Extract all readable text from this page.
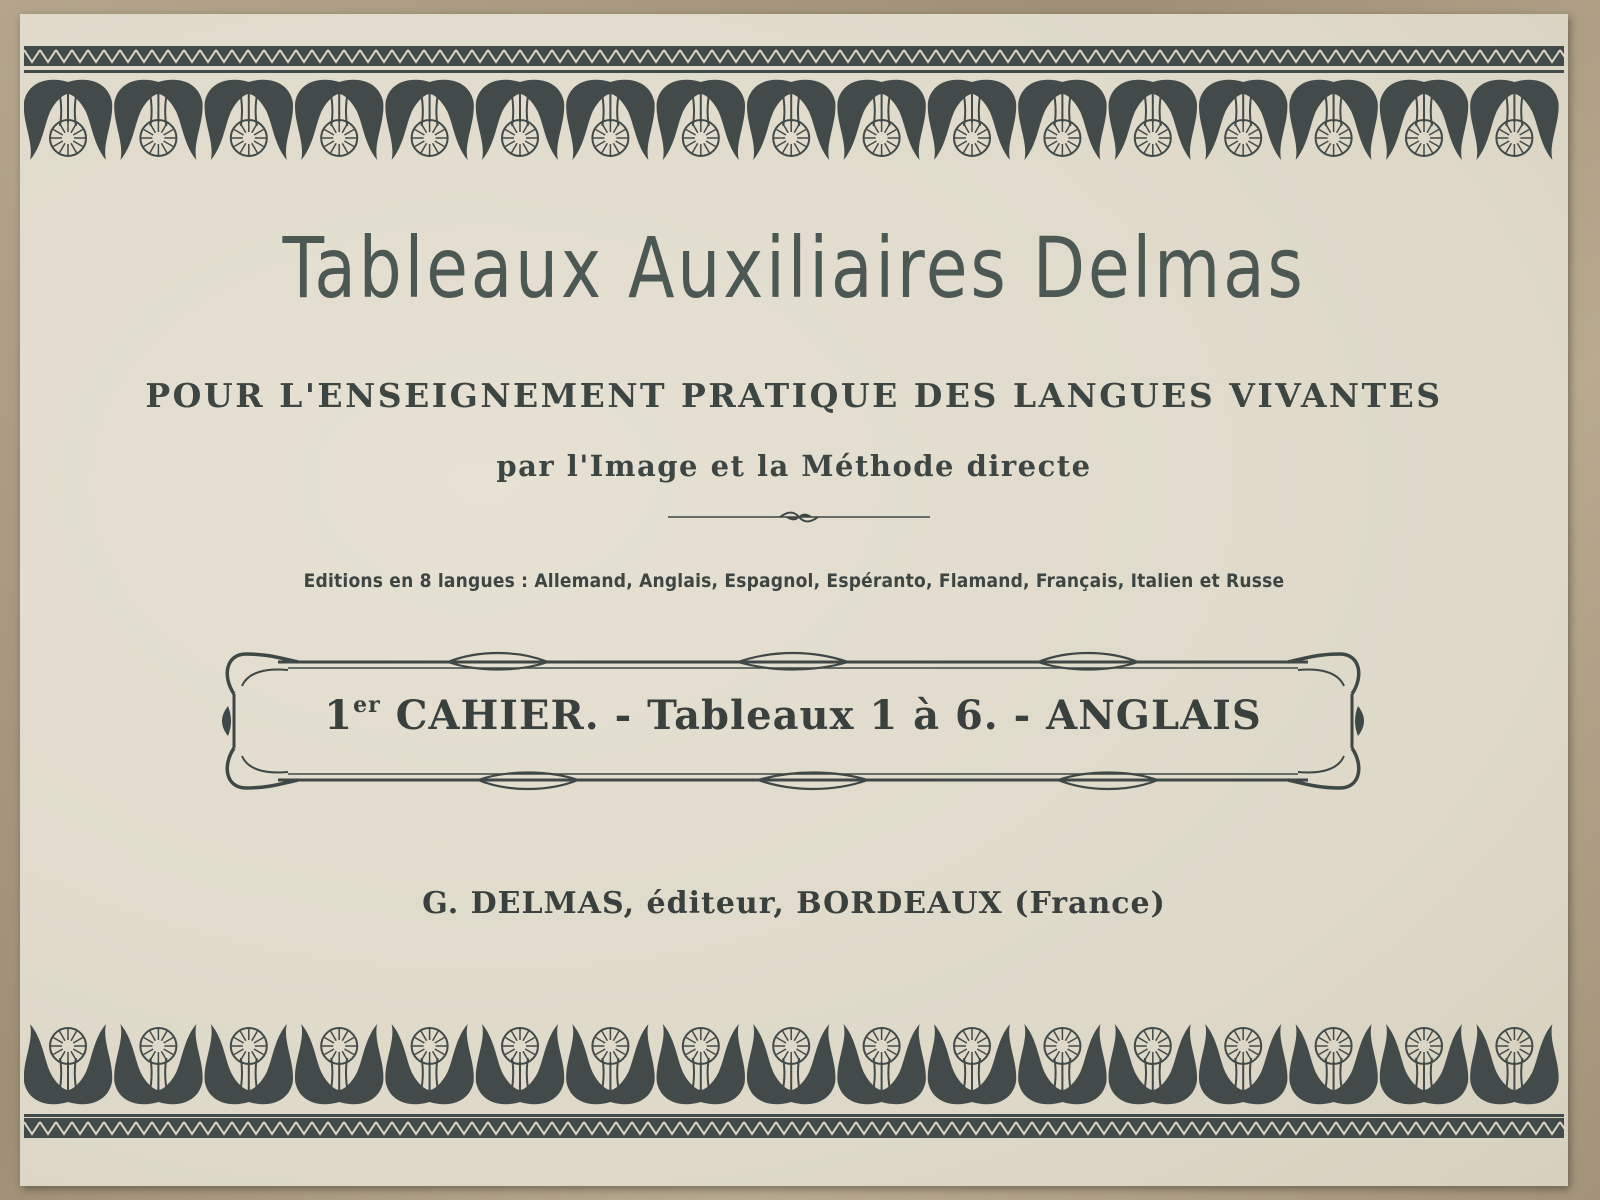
Tableaux Auxiliaires Delmas
POUR L'ENSEIGNEMENT PRATIQUE DES LANGUES VIVANTES
par l'Image et la Méthode directe
Editions en 8 langues : Allemand, Anglais, Espagnol, Espéranto, Flamand, Français, Italien et Russe
1er CAHIER. - Tableaux 1 à 6. - ANGLAIS
G. DELMAS, éditeur, BORDEAUX (France)
